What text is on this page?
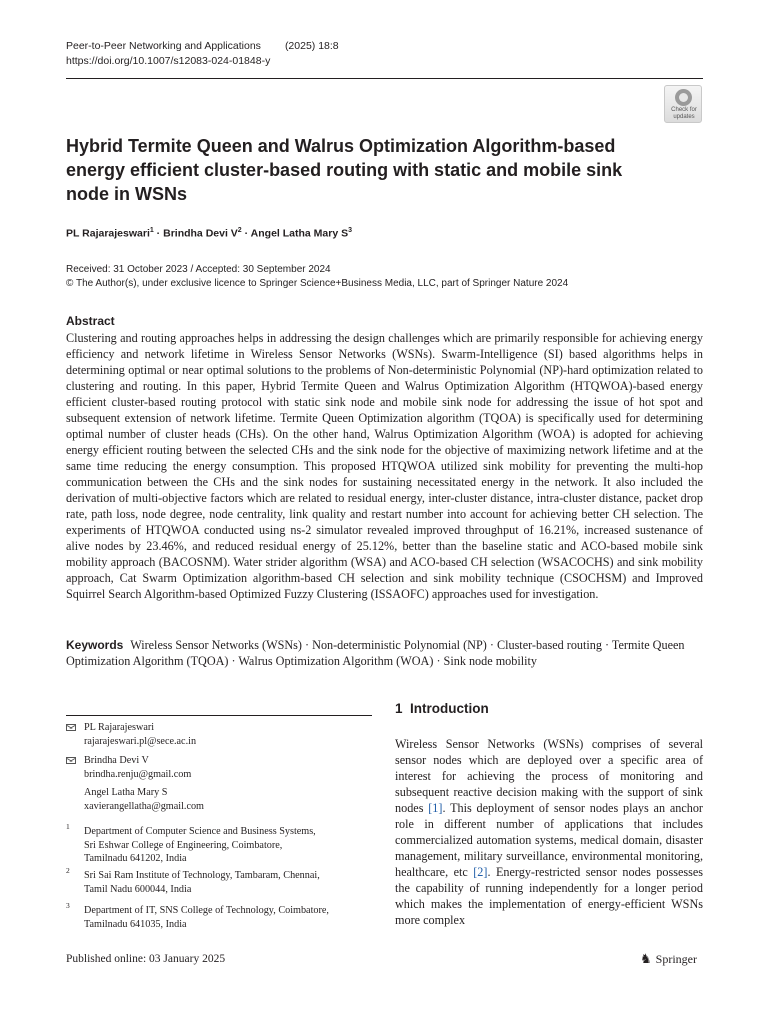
Peer-to-Peer Networking and Applications (2025) 18:8
https://doi.org/10.1007/s12083-024-01848-y
Check for
updates
Hybrid Termite Queen and Walrus Optimization Algorithm-based energy efficient cluster-based routing with static and mobile sink node in WSNs
PL Rajarajeswari$^1$ · Brindha Devi $V^2$ · Angel Latha Mary $S^3$
Received: 31 October 2023 / Accepted: 30 September 2024
© The Author(s), under exclusive licence to Springer Science+Business Media, LLC, part of Springer Nature 2024
Abstract
Clustering and routing approaches helps in addressing the design challenges which are primarily responsible for achieving energy efficiency and network lifetime in Wireless Sensor Networks (WSNs). Swarm-Intelligence (SI) based algorithms helps in determining optimal or near optimal solutions to the problems of Non-deterministic Polynomial (NP)-hard optimization related to clustering and routing. In this paper, Hybrid Termite Queen and Walrus Optimization Algorithm (HTQWOA)-based energy efficient cluster-based routing protocol with static sink node and mobile sink node for addressing the issue of hot spot and subsequent extension of network lifetime. Termite Queen Optimization algorithm (TQOA) is specifically used for determining optimal number of cluster heads (CHs). On the other hand, Walrus Optimization Algorithm (WOA) is adopted for achieving energy efficient routing between the selected CHs and the sink node for the objective of maximizing network lifetime and at the same time reducing the energy consumption. This proposed HTQWOA utilized sink mobility for preventing the multi-hop communication between the CHs and the sink nodes for sustaining necessitated energy in the network. It also included the derivation of multi-objective factors which are related to residual energy, inter-cluster distance, intra-cluster distance, packet drop rate, path loss, node degree, node centrality, link quality and restart number into account for achieving better CH selection. The experiments of HTQWOA conducted using ns-2 simulator revealed improved throughput of 16.21%, increased sustenance of alive nodes by 23.46%, and reduced residual energy of 25.12%, better than the baseline static and ACO-based mobile sink mobility approach (BACOSNM). Water strider algorithm (WSA) and ACO-based CH selection (WSACOCHS) and sink mobility approach, Cat Swarm Optimization algorithm-based CH selection and sink mobility technique (CSOCHSM) and Improved Squirrel Search Algorithm-based Optimized Fuzzy Clustering (ISSAOFC) approaches used for investigation.
Keywords Wireless Sensor Networks (WSNs) · Non-deterministic Polynomial (NP) · Cluster-based routing · Termite Queen Optimization Algorithm (TQOA) · Walrus Optimization Algorithm (WOA) · Sink node mobility
PL Rajarajeswari
rajarajeswari.pl@sece.ac.in
Brindha Devi V
brindha.renju@gmail.com
Angel Latha Mary S
xavierangellatha@gmail.com
1 Department of Computer Science and Business Systems,
Sri Eshwar College of Engineering, Coimbatore,
Tamilnadu 641202, India
2 Sri Sai Ram Institute of Technology, Tambaram, Chennai,
Tamil Nadu 600044, India
3 Department of IT, SNS College of Technology, Coimbatore,
Tamilnadu 641035, India
1  Introduction
Wireless Sensor Networks (WSNs) comprises of several sensor nodes which are deployed over a specific area of interest for achieving the process of monitoring and subsequent reactive decision making with the support of sink nodes [1]. This deployment of sensor nodes plays an anchor role in different number of applications that includes commercialized automation systems, medical domain, disaster management, military surveillance, environmental monitoring, healthcare, etc [2]. Energy-restricted sensor nodes possesses the capability of running independently for a longer period which makes the implementation of energy-efficient WSNs more complex
Published online: 03 January 2025	♞ Springer
